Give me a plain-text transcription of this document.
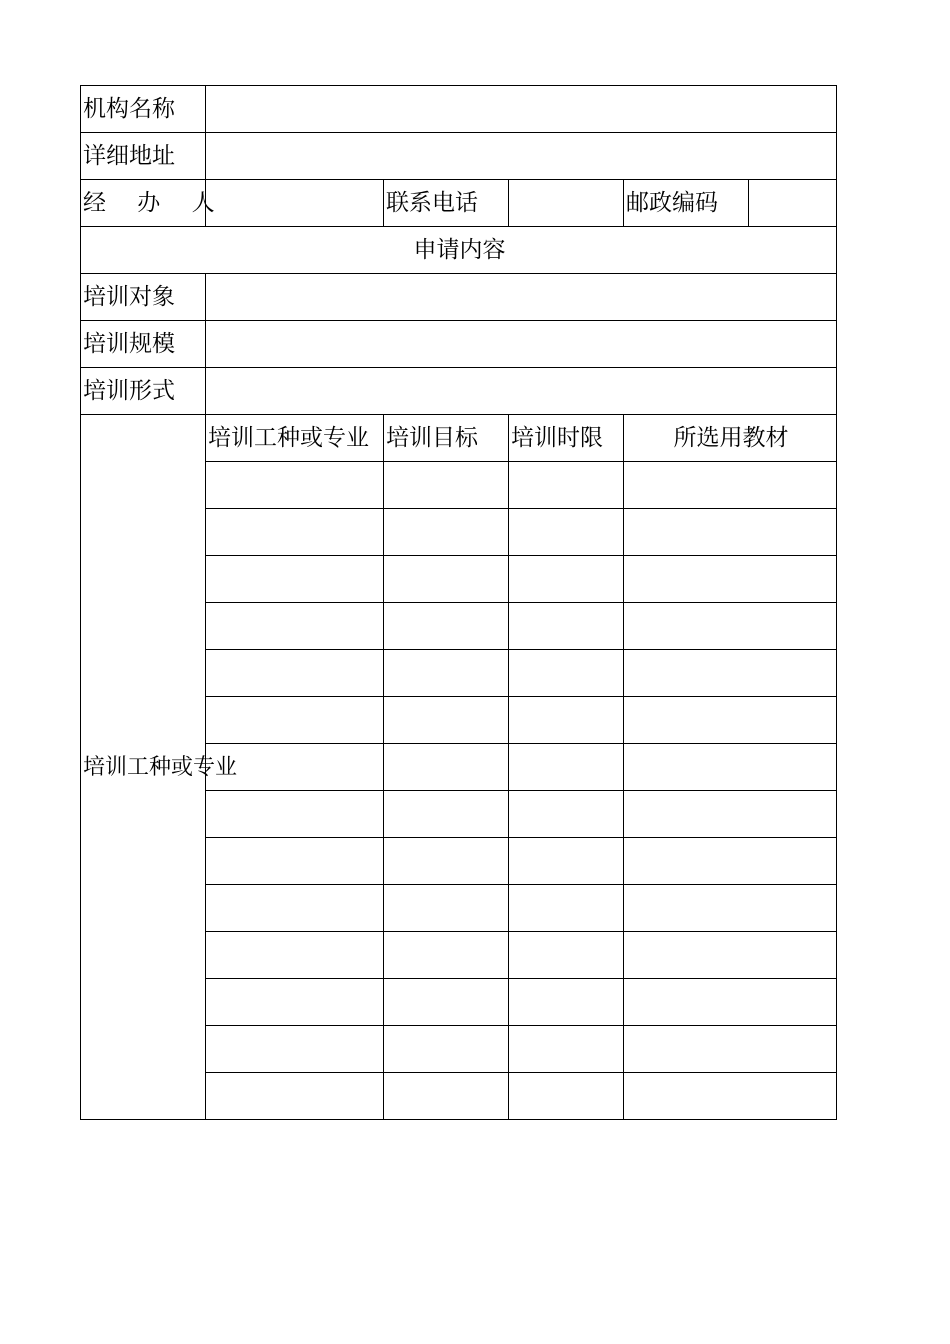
机构名称					
详细地址					
经 办 人		联系电话		邮政编码	
申请内容					
培训对象					
培训规模					
培训形式					

培训工种或专业	培训工种或专业	培训目标	培训时限	所选用教材	
